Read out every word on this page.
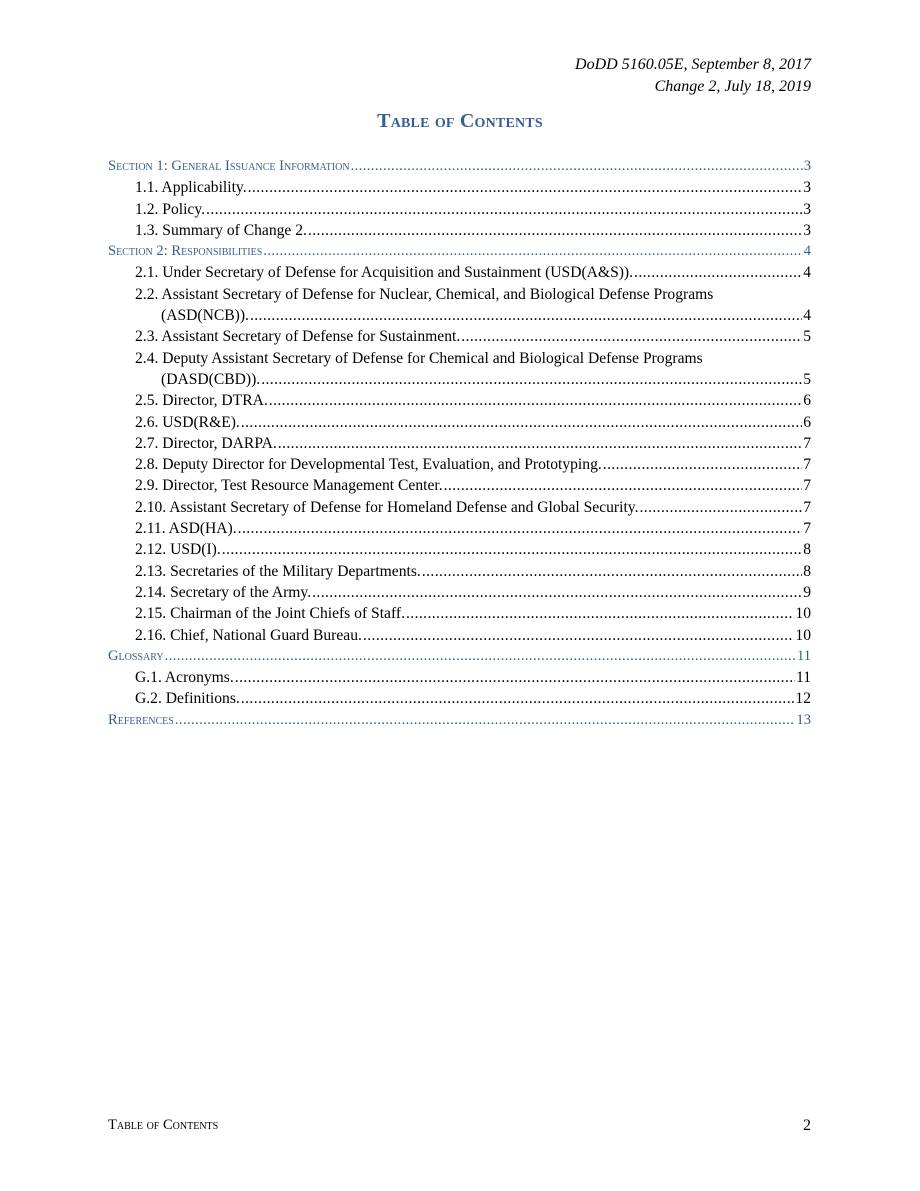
DoDD 5160.05E, September 8, 2017
Change 2, July 18, 2019
Table of Contents
Section 1: General Issuance Information .....	3
1.1. Applicability. .....	3
1.2. Policy. .....	3
1.3. Summary of Change 2. .....	3
Section 2: Responsibilities .....	4
2.1. Under Secretary of Defense for Acquisition and Sustainment (USD(A&S)). .....	4
2.2. Assistant Secretary of Defense for Nuclear, Chemical, and Biological Defense Programs
(ASD(NCB)). .....	4
2.3. Assistant Secretary of Defense for Sustainment. .....	5
2.4. Deputy Assistant Secretary of Defense for Chemical and Biological Defense Programs
(DASD(CBD)). .....	5
2.5. Director, DTRA. .....	6
2.6. USD(R&E). .....	6
2.7. Director, DARPA. .....	7
2.8. Deputy Director for Developmental Test, Evaluation, and Prototyping. .....	7
2.9. Director, Test Resource Management Center. .....	7
2.10. Assistant Secretary of Defense for Homeland Defense and Global Security. .....	7
2.11. ASD(HA). .....	7
2.12. USD(I). .....	8
2.13. Secretaries of the Military Departments. .....	8
2.14. Secretary of the Army. .....	9
2.15. Chairman of the Joint Chiefs of Staff. .....	10
2.16. Chief, National Guard Bureau. .....	10
Glossary .....	11
G.1. Acronyms. .....	11
G.2. Definitions. .....	12
References .....	13
Table of Contents	2
